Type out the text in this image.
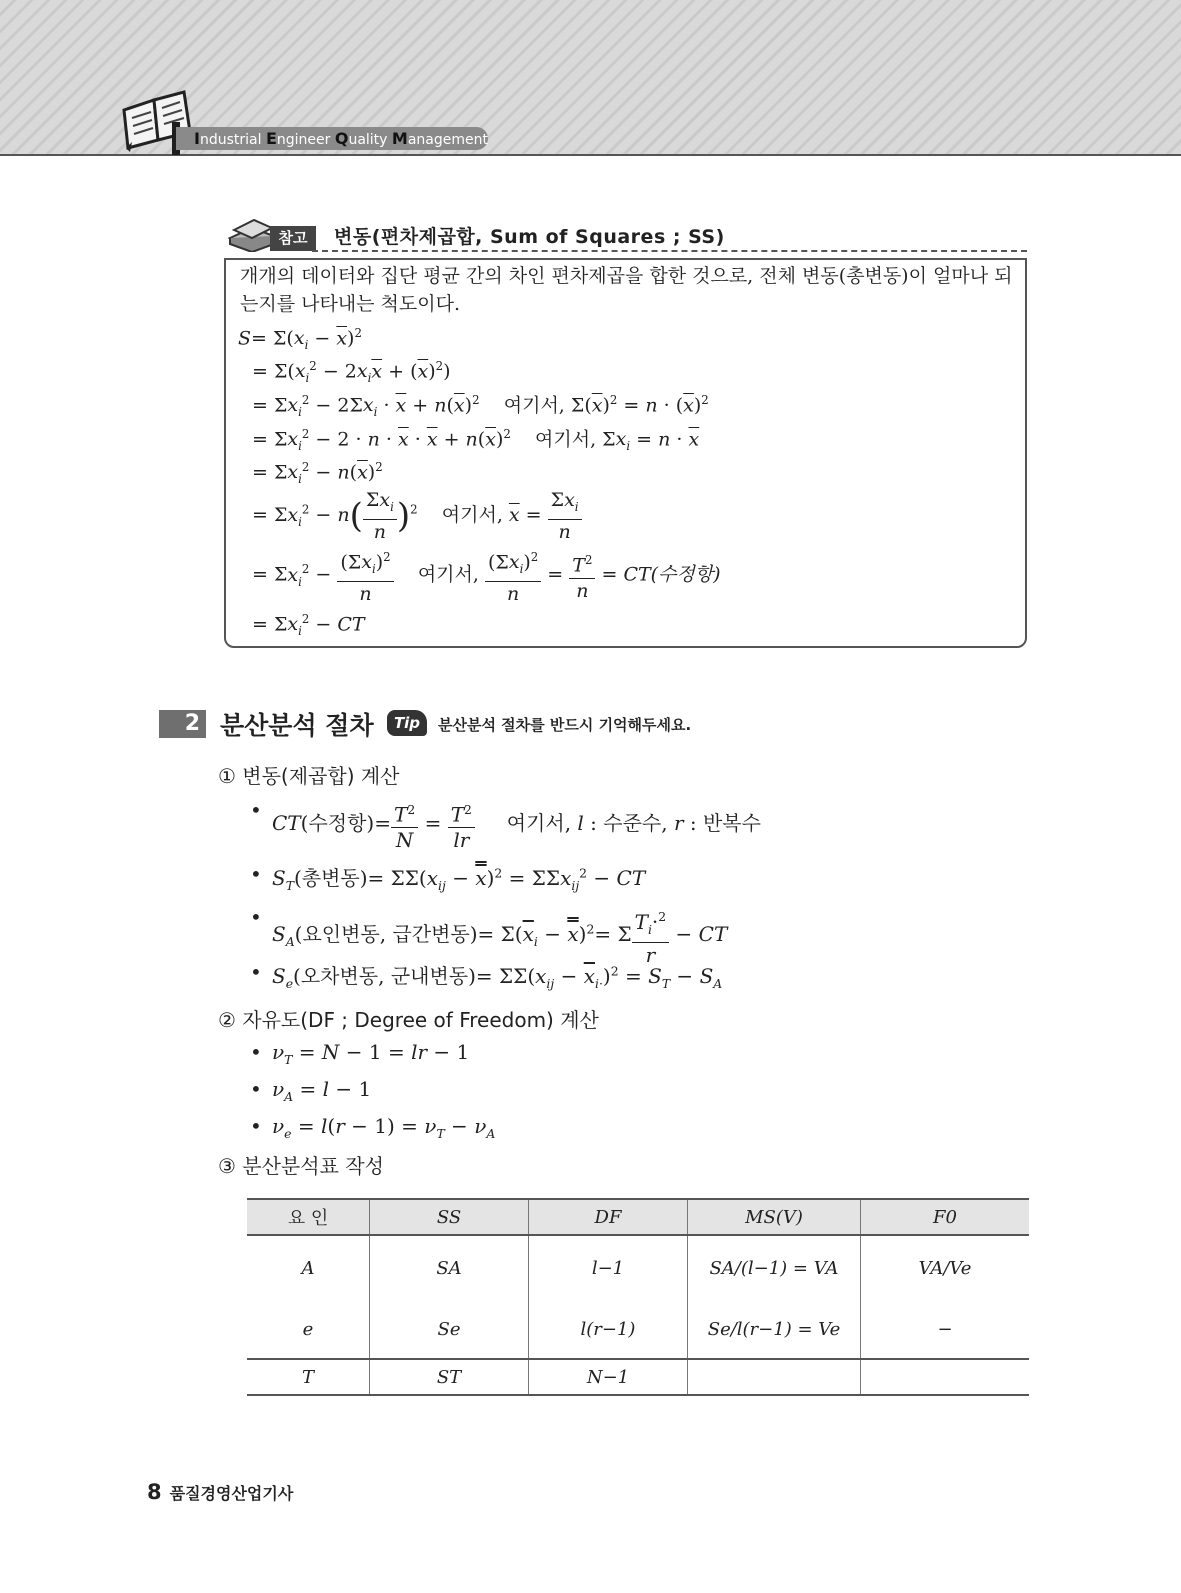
Industrial Engineer Quality Management
참고	변동(편차제곱합, Sum of Squares ; SS)
개개의 데이터와 집단 평균 간의 차인 편차제곱을 합한 것으로, 전체 변동(총변동)이 얼마나 되
는지를 나타내는 척도이다.
$S= \Sigma(x_i - \overline{x})^2$
= $\Sigma(x_i^2 - 2x_i\overline{x} + (\overline{x})^2)$
= $\Sigma x_i^2 - 2\Sigma x_i \cdot \overline{x} + n(\overline{x})^2$ 여기서, $\Sigma(\overline{x})^2 = n \cdot (\overline{x})^2$
= $\Sigma x_i^2 - 2 \cdot n \cdot \overline{x} \cdot \overline{x} + n(\overline{x})^2$ 여기서, $\Sigma x_i = n \cdot \overline{x}$
= $\Sigma x_i^2 - n(\overline{x})^2$
= $\Sigma x_i^2 - n( \frac{\Sigma x_i}{n} )^2$ 여기서, $\overline{x} = \frac{\Sigma x_i}{n}$
= $\Sigma x_i^2 - \frac{(\Sigma x_i)^2}{n}$ 여기서, $\frac{(\Sigma x_i)^2}{n} = \frac{T^2}{n} = CT$(수정항)
= $\Sigma x_i^2$ − CT
2 분산분석 절차	Tip	분산분석 절차를 반드시 기억해두세요.
① 변동(제곱합) 계산
• CT(수정항)= $\frac{T^2}{N} = \frac{T^2}{lr}$ 여기서, l : 수준수, r : 반복수
• $S_T$(총변동)= $\Sigma\Sigma(x_{ij} - x)^2 = \Sigma\Sigma x_{ij}^2$ − CT
• $S_A$(요인변동, 급간변동)= $\Sigma(\overline{x}_i - x)^2= \Sigma \frac{T_i\cdot^2}{r}$ − CT
• $S_e$(오차변동, 군내변동)= $\Sigma\Sigma(x_{ij} - \overline{x}_{i\cdot})^2 = S_T - S_A$
② 자유도(DF ; Degree of Freedom) 계산
• $\nu_T = N - 1$ = lr − 1
• $\nu_A = l - 1$
• $\nu_e = l(r - 1) = \nu_T - \nu_A$
③ 분산분석표 작성
요 인	SS	DF	MS(V)	F0
A	SA	l−1	SA/(l−1) = VA	VA/Ve
e	Se	l(r−1)	Se/l(r−1) = Ve	−
T	ST	N−1		
8 품질경영산업기사
